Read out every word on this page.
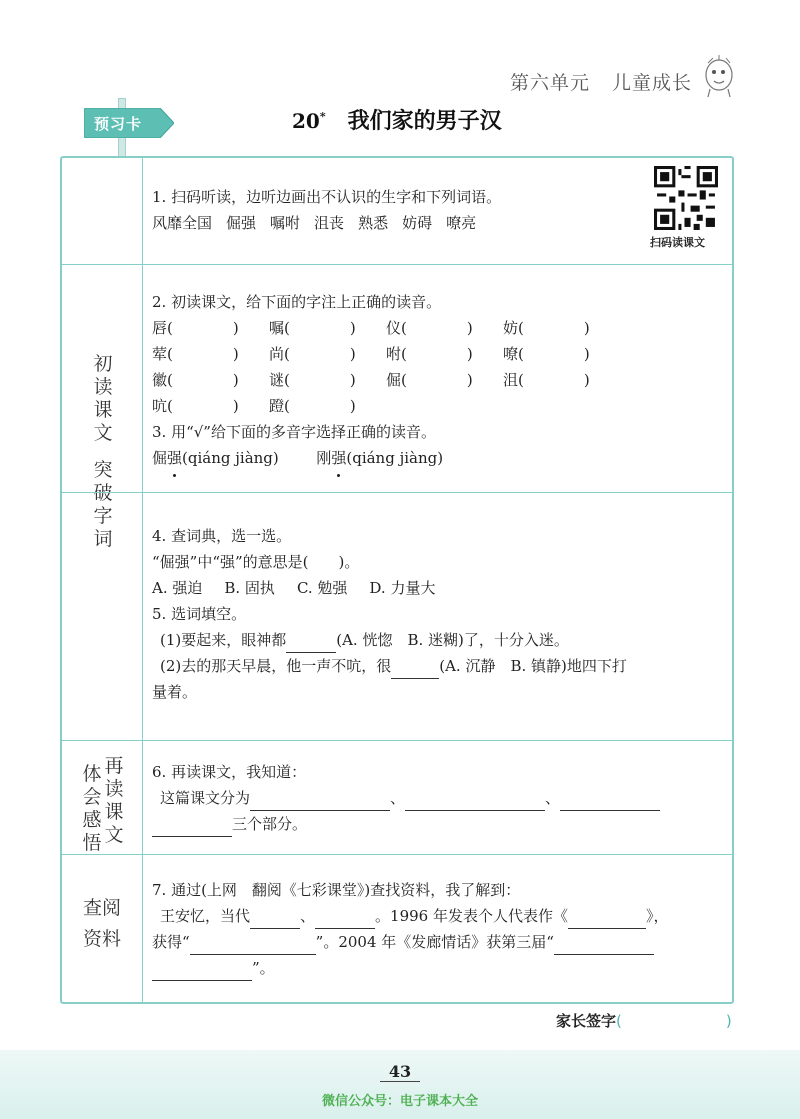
第六单元 儿童成长
预习卡	20* 我们家的男子汉
初
读
课
文
突
破
字
词
1. 扫码听读，边听边画出不认识的生字和下列词语。
风靡全国 倔强 嘱咐 沮丧 熟悉 妨碍 嘹亮
扫码读课文
2. 初读课文，给下面的字注上正确的读音。
唇(	)	嘱(	)	仪(	)	妨(	)
荤(	)	尚(	)	咐(	)	嘹(	)
徽(	)	谜(	)	倔(	)	沮(	)
吭(	)	蹬(	)
3. 用“√”给下面的多音字选择正确的读音。
倔强(qiáng jiàng)	刚强(qiáng jiàng)
4. 查词典，选一选。
“倔强”中“强”的意思是(　　)。
A. 强迫 B. 固执 C. 勉强 D. 力量大
5. 选词填空。
(1)要起来，眼神都	(A. 恍惚　B. 迷糊)了，十分入迷。
(2)去的那天早晨，他一声不吭，很	(A. 沉静　B. 镇静)地四下打
量着。
体
会
感
悟
再
读
课
文
6. 再读课文，我知道：
这篇课文分为	、	、
三个部分。
查阅
资料
7. 通过(上网　翻阅《七彩课堂》)查找资料，我了解到：
王安忆，当代	、	。1996 年发表个人代表作《	》，
获得“	”。2004 年《发廊情话》获第三届“
”。
家长签字(	)
43
微信公众号：电子课本大全
